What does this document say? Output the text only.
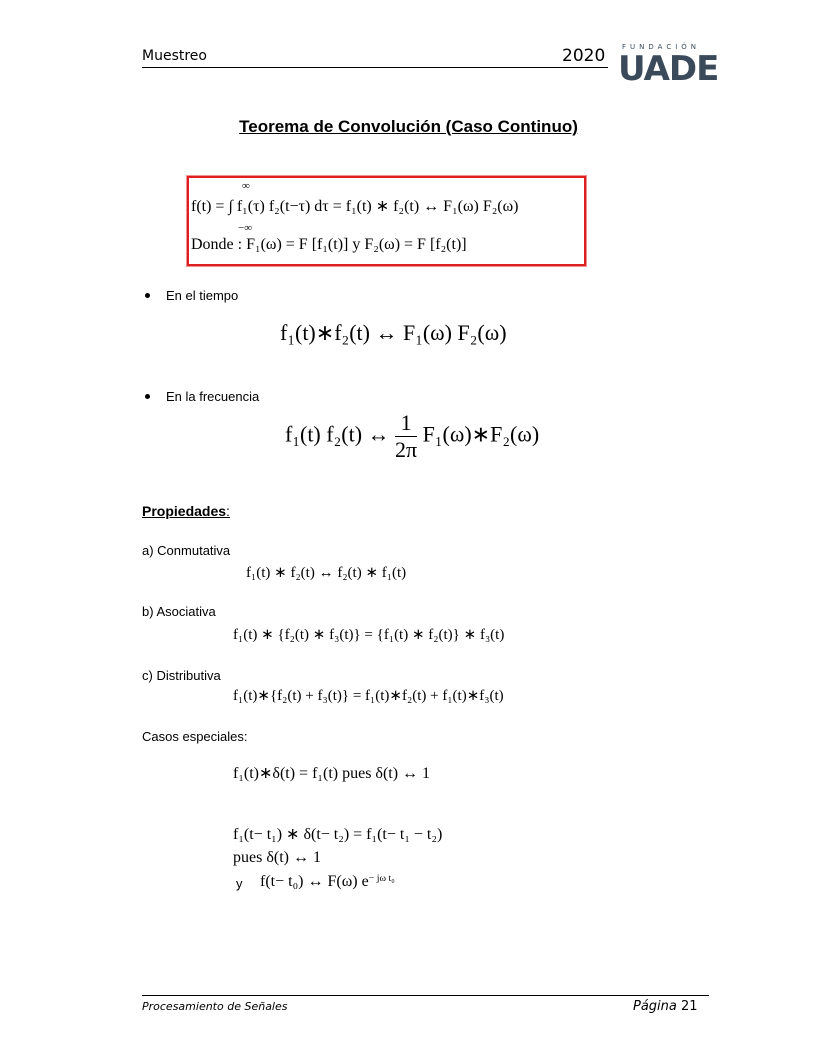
Muestreo	2020 FUNDACIÓN
UADE
Teorema de Convolución (Caso Continuo)
∞
−∞
f(t) = ∫ f₁(τ) f₂(t−τ) dτ = f₁(t) ∗ f₂(t) ↔ F₁(ω) F₂(ω)
Donde : F₁(ω) = F [f₁(t)] y F₂(ω) = F [f₂(t)]
En el tiempo
f₁(t)∗f₂(t) ↔ F₁(ω) F₂(ω)
En la frecuencia
f₁(t) f₂(t) ↔ $\frac{1}{2\pi}$ F₁(ω)∗F₂(ω)
Propiedades:
a) Conmutativa
f₁(t) ∗ f₂(t) ↔ f₂(t) ∗ f₁(t)
b) Asociativa
f₁(t) ∗ {f₂(t) ∗ f₃(t)} = {f₁(t) ∗ f₂(t)} ∗ f₃(t)
c) Distributiva
f₁(t)∗{f₂(t) + f₃(t)} = f₁(t)∗f₂(t) + f₁(t)∗f₃(t)
Casos especiales:
f₁(t)∗δ(t) = f₁(t) pues δ(t) ↔ 1
f₁(t− t₁) ∗ δ(t− t₂) = f₁(t− t₁ − t₂)
pues δ(t) ↔ 1
y f(t− t₀) ↔ F(ω) $e^{- j\omega t_0}$
Procesamiento de Señales	Página 21
